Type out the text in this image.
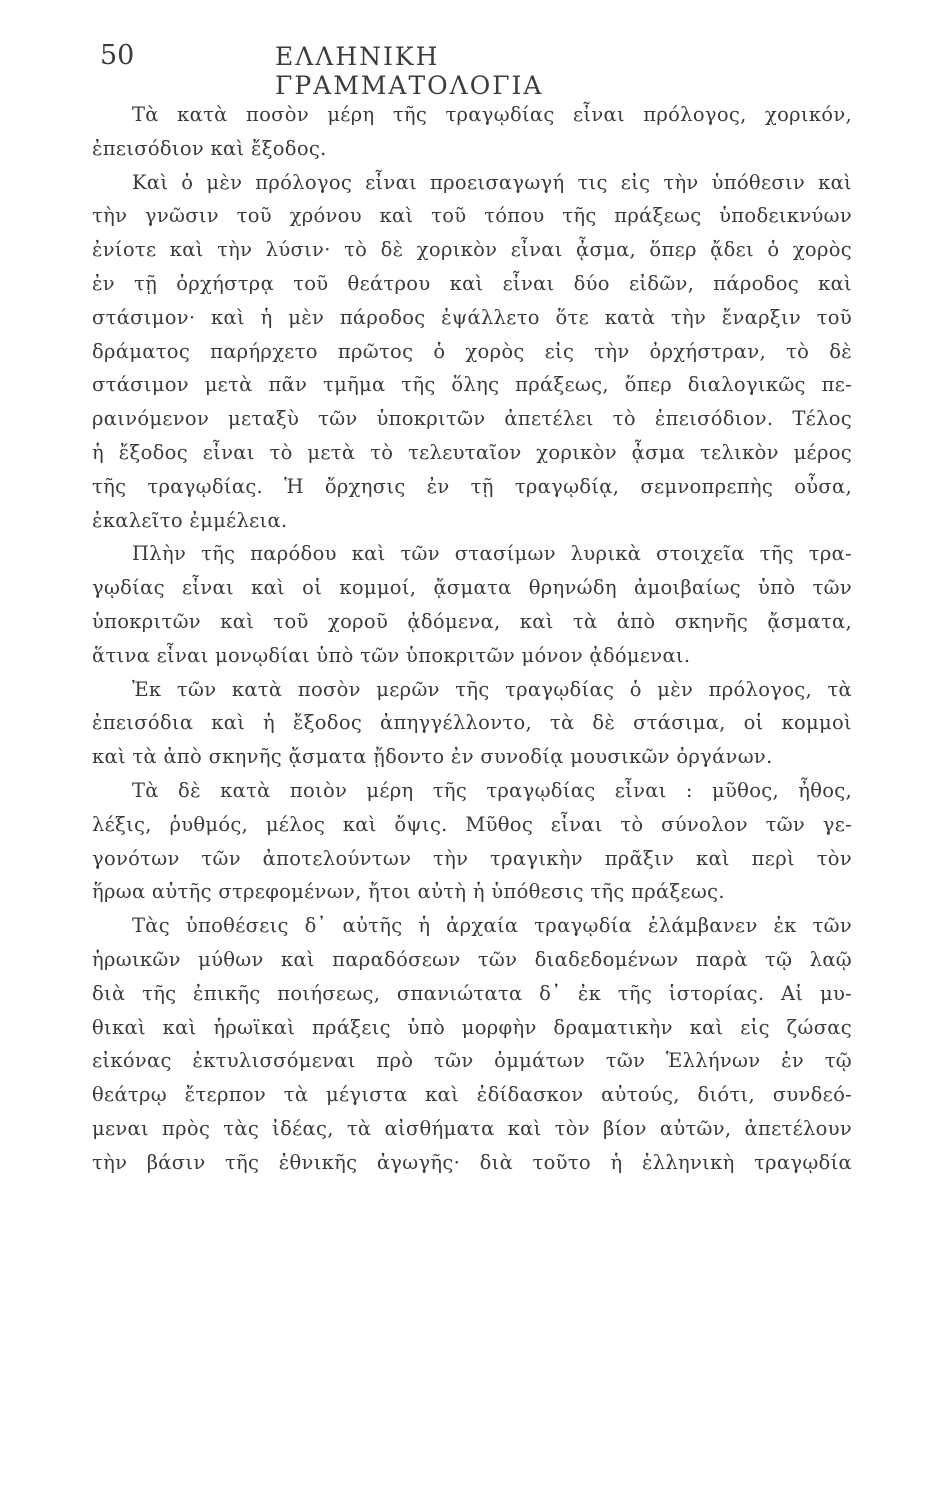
50	ΕΛΛΗΝΙΚΗ ΓΡΑΜΜΑΤΟΛΟΓΙΑ
Τὰ κατὰ ποσὸν μέρη τῆς τραγῳδίας εἶναι πρόλογος, χορικόν,
ἐπεισόδιον καὶ ἔξοδος.
Καὶ ὁ μὲν πρόλογος εἶναι προεισαγωγή τις εἰς τὴν ὑπόθεσιν καὶ
τὴν γνῶσιν τοῦ χρόνου καὶ τοῦ τόπου τῆς πράξεως ὑποδεικνύων
ἐνίοτε καὶ τὴν λύσιν· τὸ δὲ χορικὸν εἶναι ᾆσμα, ὅπερ ᾄδει ὁ χορὸς
ἐν τῇ ὀρχήστρᾳ τοῦ θεάτρου καὶ εἶναι δύο εἰδῶν, πάροδος καὶ
στάσιμον· καὶ ἡ μὲν πάροδος ἐψάλλετο ὅτε κατὰ τὴν ἔναρξιν τοῦ
δράματος παρήρχετο πρῶτος ὁ χορὸς εἰς τὴν ὀρχήστραν, τὸ δὲ
στάσιμον μετὰ πᾶν τμῆμα τῆς ὅλης πράξεως, ὅπερ διαλογικῶς πε-
ραινόμενον μεταξὺ τῶν ὑποκριτῶν ἀπετέλει τὸ ἐπεισόδιον. Τέλος
ἡ ἔξοδος εἶναι τὸ μετὰ τὸ τελευταῖον χορικὸν ᾆσμα τελικὸν μέρος
τῆς τραγῳδίας. Ἡ ὄρχησις ἐν τῇ τραγῳδίᾳ, σεμνοπρεπὴς οὖσα,
ἐκαλεῖτο ἐμμέλεια.
Πλὴν τῆς παρόδου καὶ τῶν στασίμων λυρικὰ στοιχεῖα τῆς τρα-
γῳδίας εἶναι καὶ οἱ κομμοί, ᾄσματα θρηνώδη ἀμοιβαίως ὑπὸ τῶν
ὑποκριτῶν καὶ τοῦ χοροῦ ᾀδόμενα, καὶ τὰ ἀπὸ σκηνῆς ᾄσματα,
ἅτινα εἶναι μονῳδίαι ὑπὸ τῶν ὑποκριτῶν μόνον ᾀδόμεναι.
Ἐκ τῶν κατὰ ποσὸν μερῶν τῆς τραγῳδίας ὁ μὲν πρόλογος, τὰ
ἐπεισόδια καὶ ἡ ἔξοδος ἀπηγγέλλοντο, τὰ δὲ στάσιμα, οἱ κομμοὶ
καὶ τὰ ἀπὸ σκηνῆς ᾄσματα ᾔδοντο ἐν συνοδίᾳ μουσικῶν ὀργάνων.
Τὰ δὲ κατὰ ποιὸν μέρη τῆς τραγῳδίας εἶναι : μῦθος, ἦθος,
λέξις, ῥυθμός, μέλος καὶ ὄψις. Μῦθος εἶναι τὸ σύνολον τῶν γε-
γονότων τῶν ἀποτελούντων τὴν τραγικὴν πρᾶξιν καὶ περὶ τὸν
ἥρωα αὐτῆς στρεφομένων, ἤτοι αὐτὴ ἡ ὑπόθεσις τῆς πράξεως.
Τὰς ὑποθέσεις δ᾿ αὐτῆς ἡ ἀρχαία τραγῳδία ἐλάμβανεν ἐκ τῶν
ἡρωικῶν μύθων καὶ παραδόσεων τῶν διαδεδομένων παρὰ τῷ λαῷ
διὰ τῆς ἐπικῆς ποιήσεως, σπανιώτατα δ᾿ ἐκ τῆς ἱστορίας. Αἱ μυ-
θικαὶ καὶ ἡρωϊκαὶ πράξεις ὑπὸ μορφὴν δραματικὴν καὶ εἰς ζώσας
εἰκόνας ἐκτυλισσόμεναι πρὸ τῶν ὀμμάτων τῶν Ἑλλήνων ἐν τῷ
θεάτρῳ ἔτερπον τὰ μέγιστα καὶ ἐδίδασκον αὐτούς, διότι, συνδεό-
μεναι πρὸς τὰς ἰδέας, τὰ αἰσθήματα καὶ τὸν βίον αὐτῶν, ἀπετέλουν
τὴν βάσιν τῆς ἐθνικῆς ἀγωγῆς· διὰ τοῦτο ἡ ἑλληνικὴ τραγῳδία
